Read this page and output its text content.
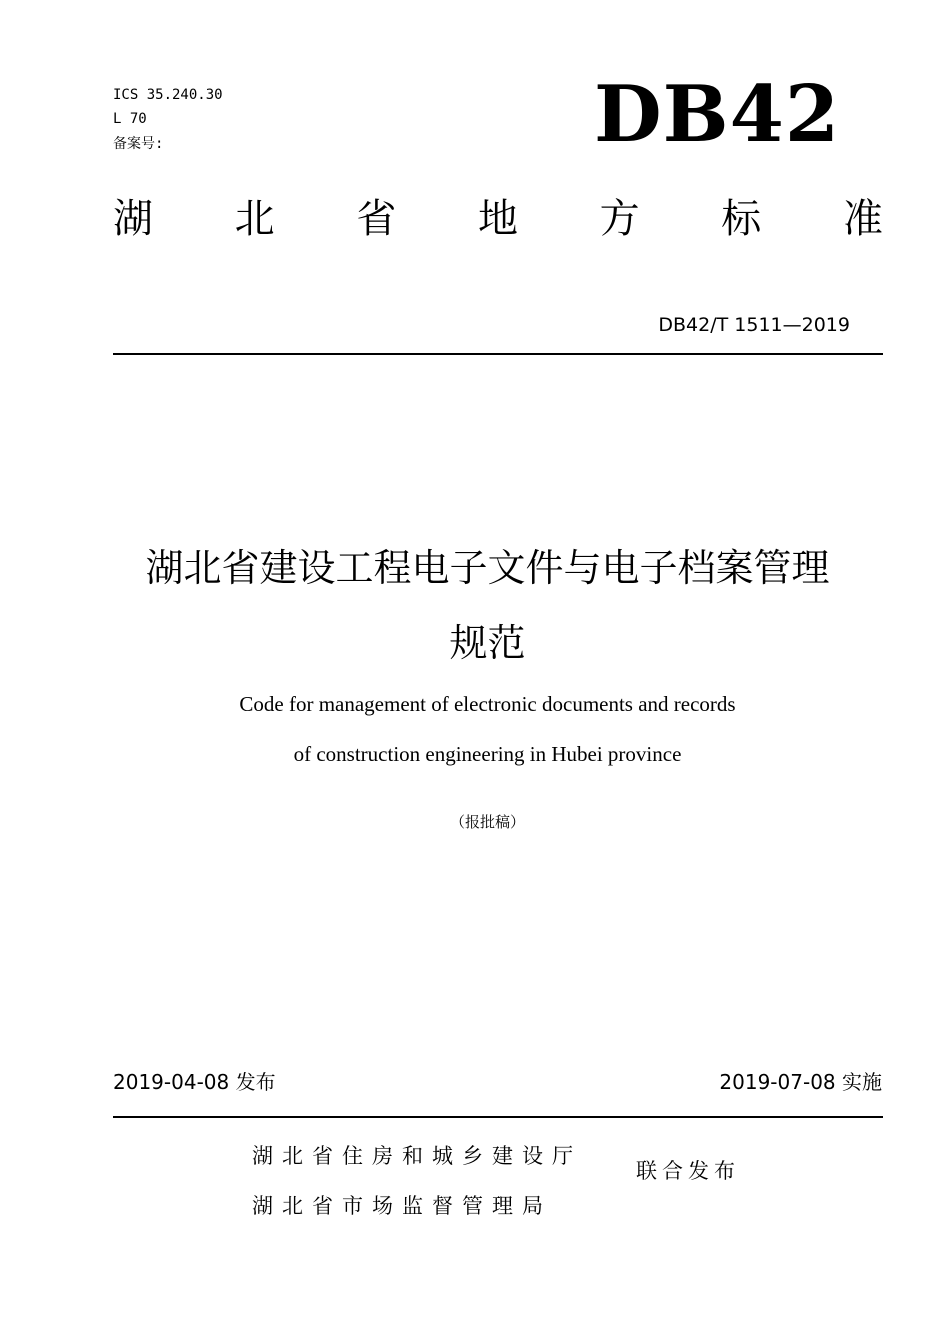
ICS 35.240.30
L 70
备案号:	DB42
湖 北 省 地 方 标 准
DB42/T 1511—2019
湖北省建设工程电子文件与电子档案管理
规范
Code for management of electronic documents and records
of construction engineering in Hubei province
（报批稿）
2019-04-08 发布	2019-07-08 实施
湖北省住房和城乡建设厅
湖北省市场监督管理局
联合发布
